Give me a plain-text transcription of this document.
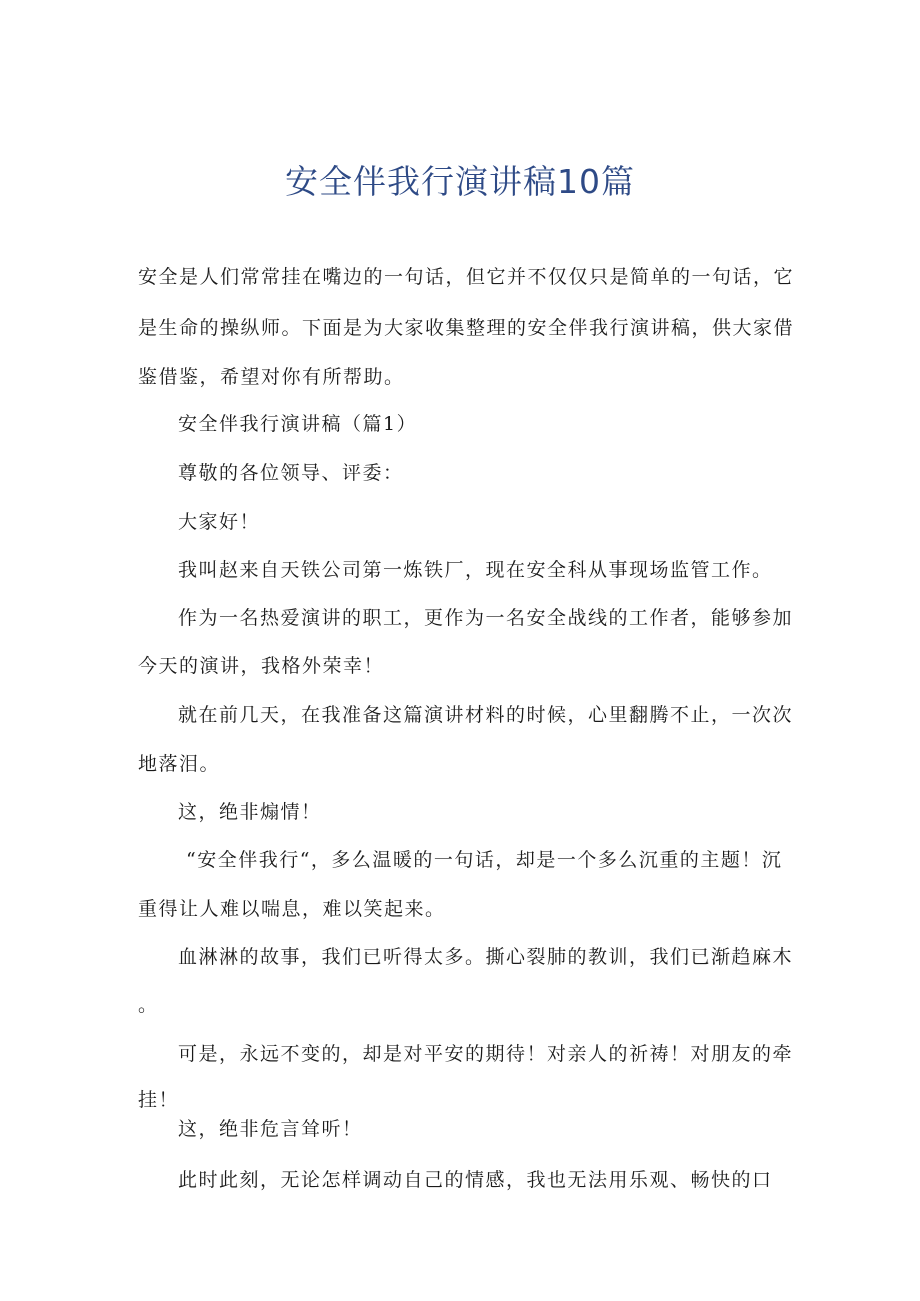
安全伴我行演讲稿10篇
安全是人们常常挂在嘴边的一句话，但它并不仅仅只是简单的一句话，它
是生命的操纵师。下面是为大家收集整理的安全伴我行演讲稿，供大家借
鉴借鉴，希望对你有所帮助。
安全伴我行演讲稿（篇1）
尊敬的各位领导、评委：
大家好！
我叫赵来自天铁公司第一炼铁厂，现在安全科从事现场监管工作。
作为一名热爱演讲的职工，更作为一名安全战线的工作者，能够参加
今天的演讲，我格外荣幸！
就在前几天，在我准备这篇演讲材料的时候，心里翻腾不止，一次次
地落泪。
这，绝非煽情！
“安全伴我行“，多么温暖的一句话，却是一个多么沉重的主题！沉
重得让人难以喘息，难以笑起来。
血淋淋的故事，我们已听得太多。撕心裂肺的教训，我们已渐趋麻木
。
可是，永远不变的，却是对平安的期待！对亲人的祈祷！对朋友的牵
挂！
这，绝非危言耸听！
此时此刻，无论怎样调动自己的情感，我也无法用乐观、畅快的口
